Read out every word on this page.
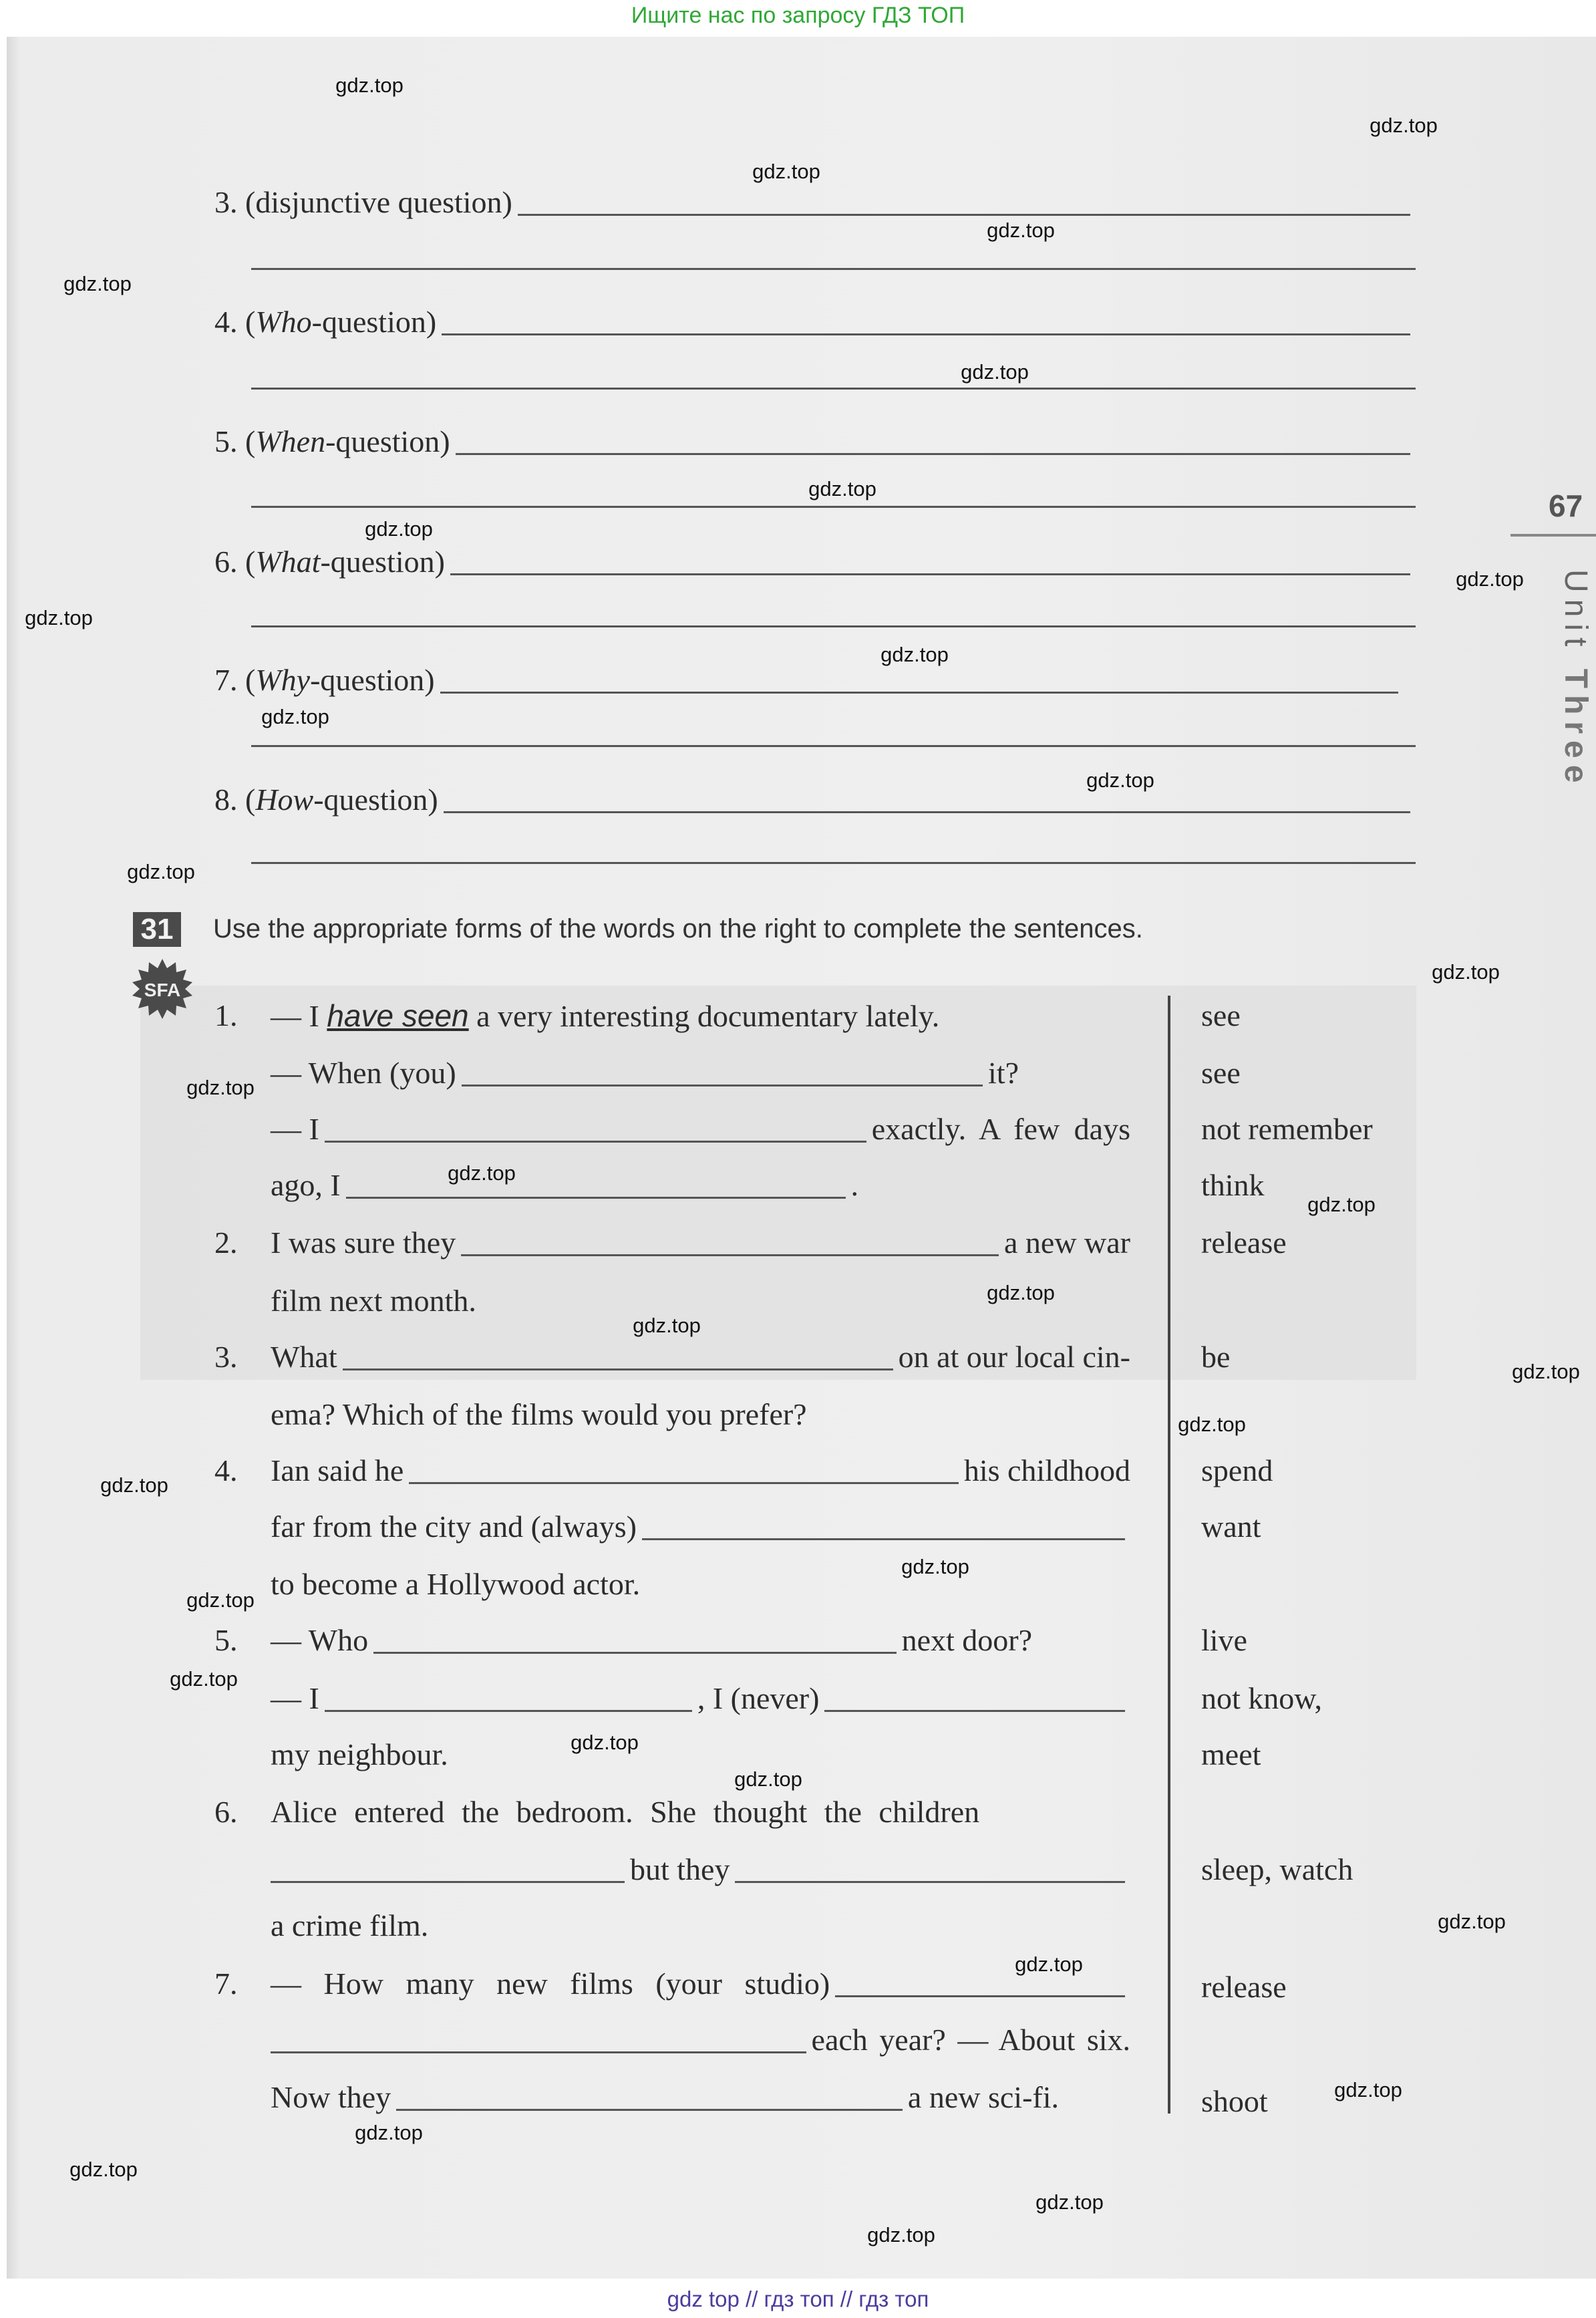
Ищите нас по запросу ГДЗ ТОП
3.
(disjunctive question)
4.
( Who -question)
5.
( When -question)
6.
( What -question)
7.
( Why -question)
8.
( How -question)
31 Use the appropriate forms of the words on the right to complete the sentences.
SFA
1.
2.
3.
4.
5.
6.
7.
— I have seen a very interesting documentary lately.
— When (you)	it?
— I	exactly. A few days
ago, I	.
I was sure they	a new war
film next month.
What	on at our local cin-
ema? Which of the films would you prefer?
Ian said he	his childhood
far from the city and (always)
to become a Hollywood actor.
— Who	next door?
— I	, I (never)
my neighbour.
Alice entered the bedroom. She thought the children
but they
a crime film.
— How many new films (your studio)
each year? — About six.
Now they	a new sci-fi.
see
see
not remember
think
release
be
spend
want
live
not know,
meet
sleep, watch
release
shoot
67
Unit Three
gdz.top
gdz.top
gdz.top
gdz.top
gdz.top
gdz.top
gdz.top
gdz.top
gdz.top
gdz.top
gdz.top
gdz.top
gdz.top
gdz.top
gdz.top
gdz.top
gdz.top
gdz.top
gdz.top
gdz.top
gdz.top
gdz.top
gdz.top
gdz.top
gdz.top
gdz.top
gdz.top
gdz.top
gdz.top
gdz.top
gdz.top
gdz.top
gdz.top
gdz.top
gdz.top
gdz top // гдз топ // гдз топ
